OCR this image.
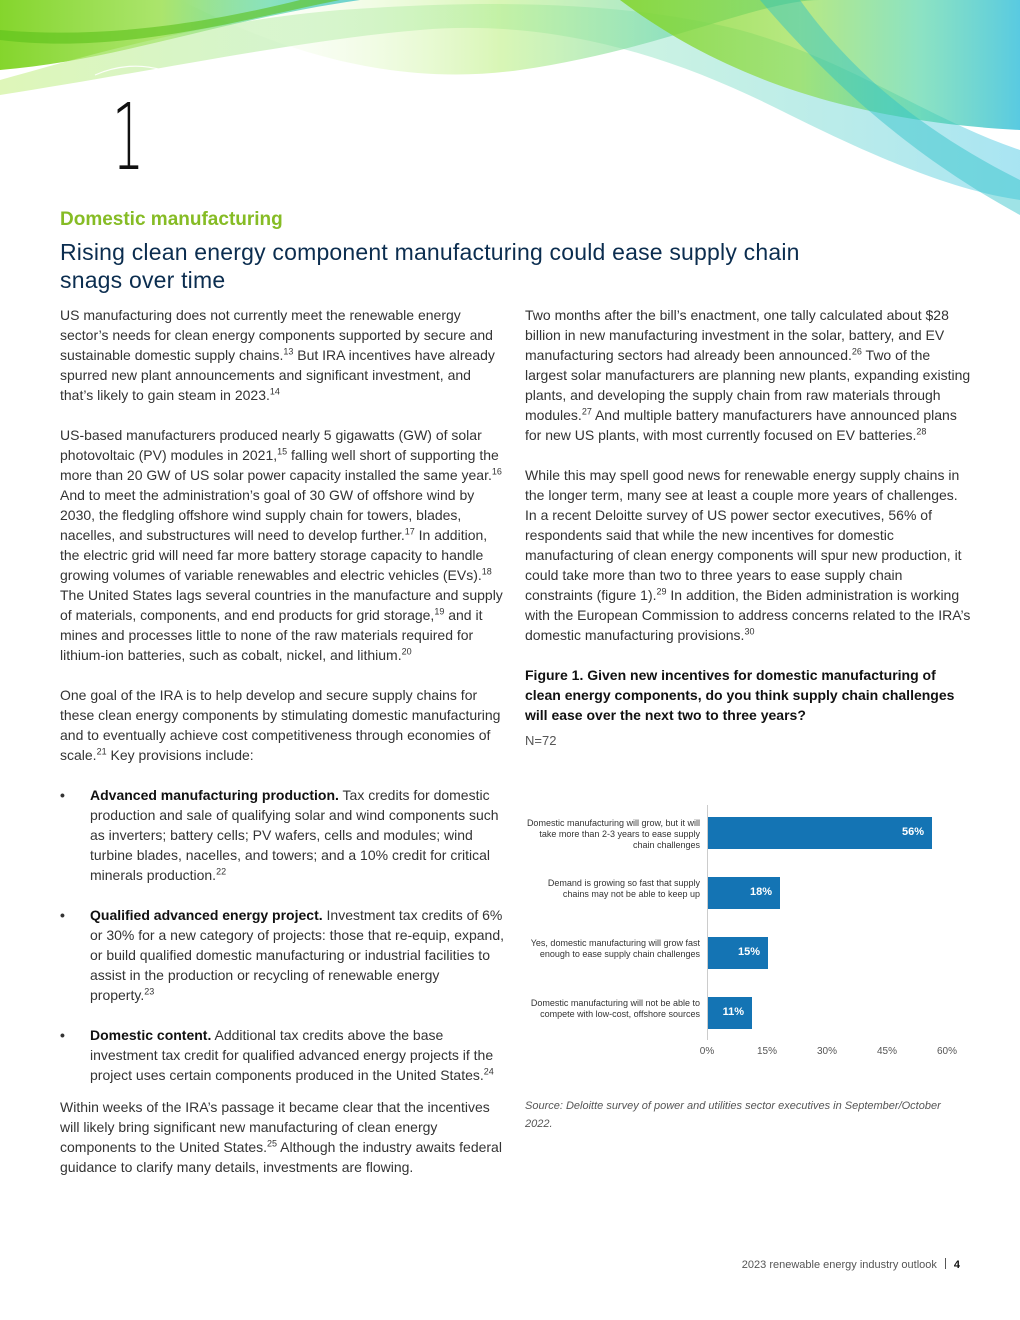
1
Domestic manufacturing
Rising clean energy component manufacturing could ease supply chain snags over time

US manufacturing does not currently meet the renewable energy sector’s needs for clean energy components supported by secure and sustainable domestic supply chains.$^{13}$ But IRA incentives have already spurred new plant announcements and significant investment, and that’s likely to gain steam in 2023.14

US-based manufacturers produced nearly 5 gigawatts (GW) of solar photovoltaic (PV) modules in 2021,15 falling well short of supporting the more than 20 GW of US solar power capacity installed the same year.$^{16}$ And to meet the administration’s goal of 30 GW of offshore wind by 2030, the fledgling offshore wind supply chain for towers, blades, nacelles, and substructures will need to develop further.$^{17}$ In addition, the electric grid will need far more battery storage capacity to handle growing volumes of variable renewables and electric vehicles (EVs).$^{18}$ The United States lags several countries in the manufacture and supply of materials, components, and end products for grid storage,$^{19}$ and it mines and processes little to none of the raw materials required for lithium-ion batteries, such as cobalt, nickel, and lithium.$^{20}$

One goal of the IRA is to help develop and secure supply chains for these clean energy components by stimulating domestic manufacturing and to eventually achieve cost competitiveness through economies of scale.$^{21}$ Key provisions include:

• Advanced manufacturing production. Tax credits for domestic production and sale of qualifying solar and wind components such as inverters; battery cells; PV wafers, cells and modules; wind turbine blades, nacelles, and towers; and a 10% credit for critical minerals production.$^{22}$
• Qualified advanced energy project. Investment tax credits of 6% or 30% for a new category of projects: those that re-equip, expand, or build qualified domestic manufacturing or industrial facilities to assist in the production or recycling of renewable energy property.$^{23}$
• Domestic content. Additional tax credits above the base investment tax credit for qualified advanced energy projects if the project uses certain components produced in the United States.$^{24}$

Within weeks of the IRA’s passage it became clear that the incentives will likely bring significant new manufacturing of clean energy components to the United States.$^{25}$ Although the industry awaits federal guidance to clarify many details, investments are flowing.

Two months after the bill’s enactment, one tally calculated about $28 billion in new manufacturing investment in the solar, battery, and EV manufacturing sectors had already been announced.$^{26}$ Two of the largest solar manufacturers are planning new plants, expanding existing plants, and developing the supply chain from raw materials through modules.$^{27}$ And multiple battery manufacturers have announced plans for new US plants, with most currently focused on EV batteries.$^{28}$

While this may spell good news for renewable energy supply chains in the longer term, many see at least a couple more years of challenges. In a recent Deloitte survey of US power sector executives, 56% of respondents said that while the new incentives for domestic manufacturing of clean energy components will spur new production, it could take more than two to three years to ease supply chain constraints (figure 1).$^{29}$ In addition, the Biden administration is working with the European Commission to address concerns related to the IRA’s domestic manufacturing provisions.$^{30}$

Figure 1. Given new incentives for domestic manufacturing of clean energy components, do you think supply chain challenges will ease over the next two to three years?
N=72
Domestic manufacturing will grow, but it will take more than 2-3 years to ease supply chain challenges
56%
Demand is growing so fast that supply chains may not be able to keep up	18%
Yes, domestic manufacturing will grow fast enough to ease supply chain challenges	15%
Domestic manufacturing will not be able to compete with low-cost, offshore sources	11%
0%	15%	30%	45%	60%
Source: Deloitte survey of power and utilities sector executives in September/October 2022.
2023 renewable energy industry outlook 4
